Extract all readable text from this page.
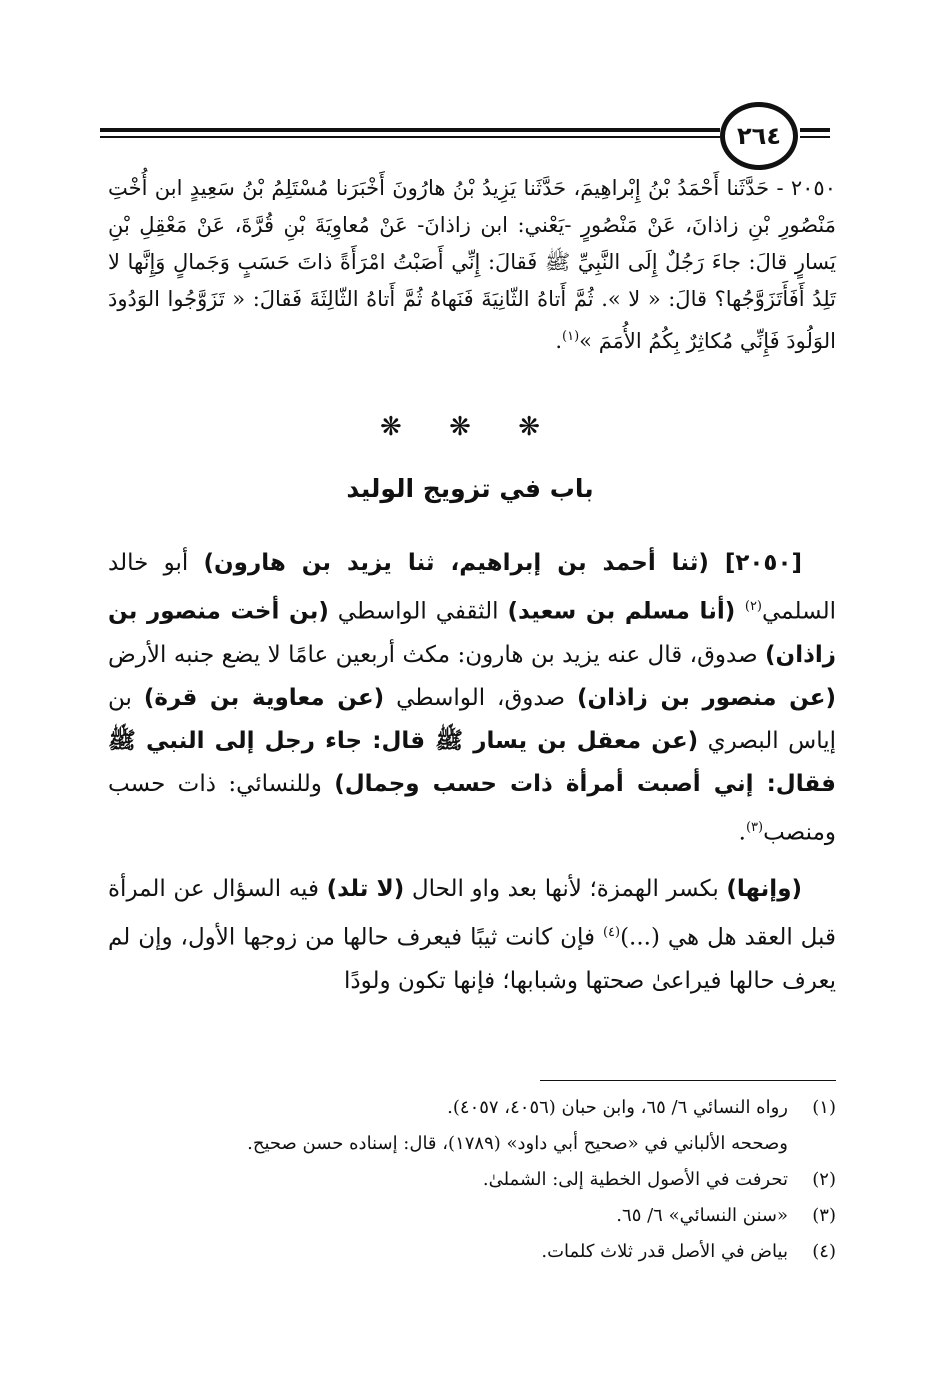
٢٦٤
٢٠٥٠ - حَدَّثَنا أَحْمَدُ بْنُ إِبْراهِيمَ، حَدَّثَنا يَزِيدُ بْنُ هارُونَ أَخْبَرَنا مُسْتَلِمُ بْنُ سَعِيدٍ ابن أُخْتِ مَنْصُورِ بْنِ زاذانَ، عَنْ مَنْصُورٍ -يَعْني: ابن زاذانَ- عَنْ مُعاوِيَةَ بْنِ قُرَّةَ، عَنْ مَعْقِلِ بْنِ يَسارٍ قالَ: جاءَ رَجُلٌ إِلَى النَّبِيِّ ﷺ فَقالَ: إِنِّي أَصَبْتُ امْرَأَةً ذاتَ حَسَبٍ وَجَمالٍ وَإِنَّها لا تَلِدُ أَفَأَتَزَوَّجُها؟ قالَ: « لا ». ثُمَّ أَتاهُ الثّانِيَةَ فَنَهاهُ ثُمَّ أَتاهُ الثّالِثَةَ فَقالَ: « تَزَوَّجُوا الوَدُودَ الوَلُودَ فَإِنِّي مُكاثِرٌ بِكُمُ الأُمَمَ »$^{(١)}$.
❋ ❋ ❋
باب في تزويج الوليد

[٢٠٥٠] (ثنا أحمد بن إبراهيم، ثنا يزيد بن هارون) أبو خالد السلمي$^{(٢)}$ (أنا مسلم بن سعيد) الثقفي الواسطي (بن أخت منصور بن زاذان) صدوق، قال عنه يزيد بن هارون: مكث أربعين عامًا لا يضع جنبه الأرض (عن منصور بن زاذان) صدوق، الواسطي (عن معاوية بن قرة) بن إياس البصري (عن معقل بن يسار ﷺ قال: جاء رجل إلى النبي ﷺ فقال: إني أصبت أمرأة ذات حسب وجمال) وللنسائي: ذات حسب ومنصب$^{(٣)}$.

(وإنها) بكسر الهمزة؛ لأنها بعد واو الحال (لا تلد) فيه السؤال عن المرأة قبل العقد هل هي (...)$^{(٤)}$ فإن كانت ثيبًا فيعرف حالها من زوجها الأول، وإن لم يعرف حالها فيراعىٰ صحتها وشبابها؛ فإنها تكون ولودًا

(١)
رواه النسائي ٦/ ٦٥، وابن حبان (٤٠٥٦، ٤٠٥٧).
وصححه الألباني في «صحيح أبي داود» (١٧٨٩)، قال: إسناده حسن صحيح.
(٢)
تحرفت في الأصول الخطية إلى: الشملىٰ.
(٣)
«سنن النسائي» ٦/ ٦٥.
(٤)
بياض في الأصل قدر ثلاث كلمات.
